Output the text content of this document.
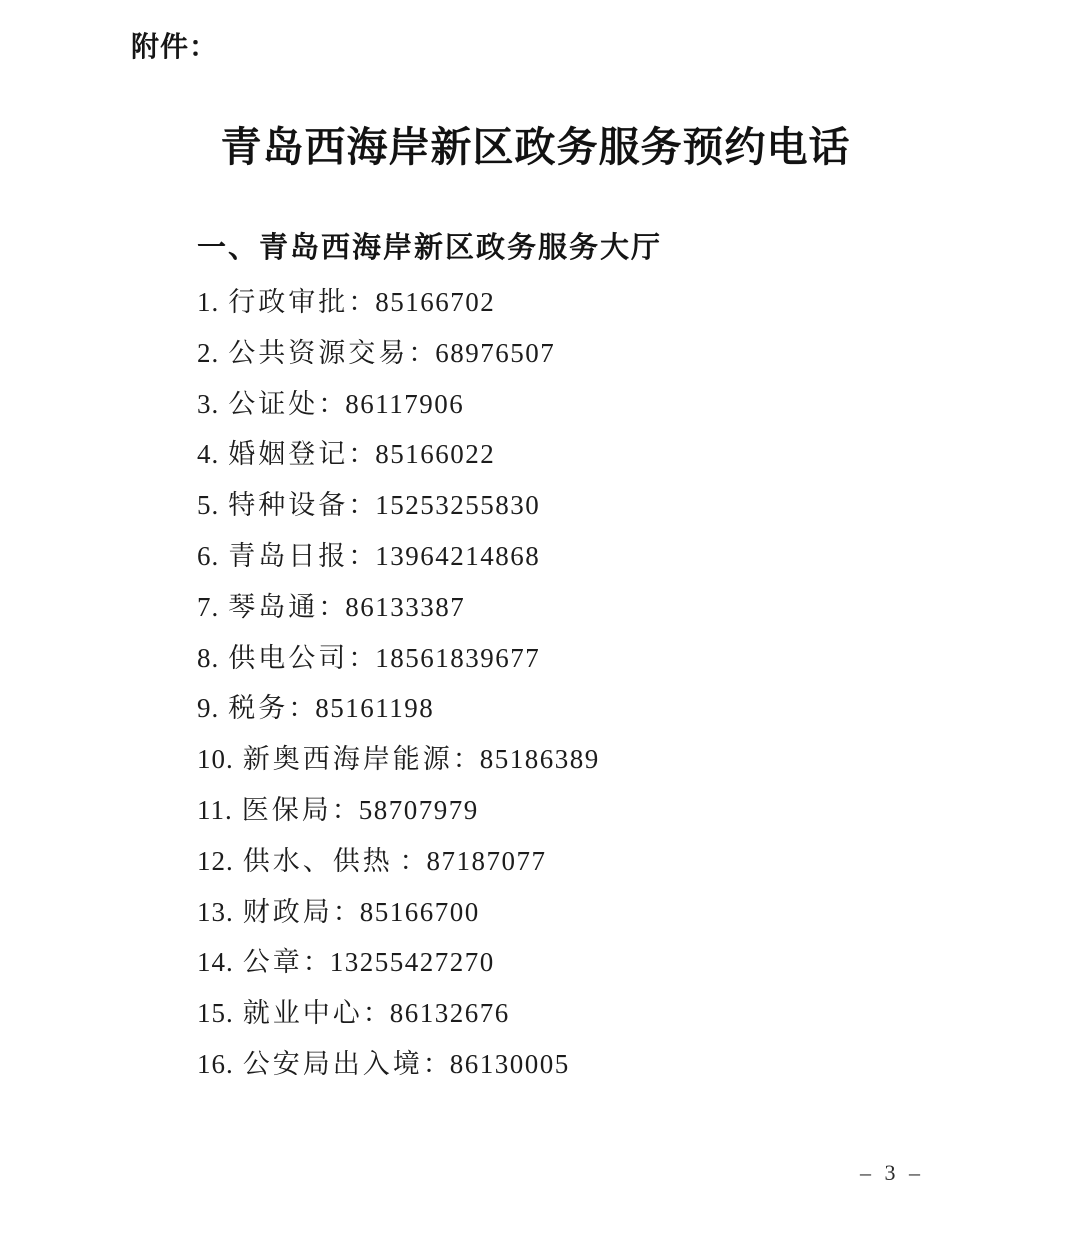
附件：
青岛西海岸新区政务服务预约电话
一、青岛西海岸新区政务服务大厅
1. 行政审批：85166702
2. 公共资源交易：68976507
3. 公证处：86117906
4. 婚姻登记：85166022
5. 特种设备：15253255830
6. 青岛日报：13964214868
7. 琴岛通：86133387
8. 供电公司：18561839677
9. 税务：85161198
10. 新奥西海岸能源：85186389
11. 医保局：58707979
12. 供水、供热 ：87187077
13. 财政局：85166700
14. 公章：13255427270
15. 就业中心：86132676
16. 公安局出入境：86130005
– 3 –
